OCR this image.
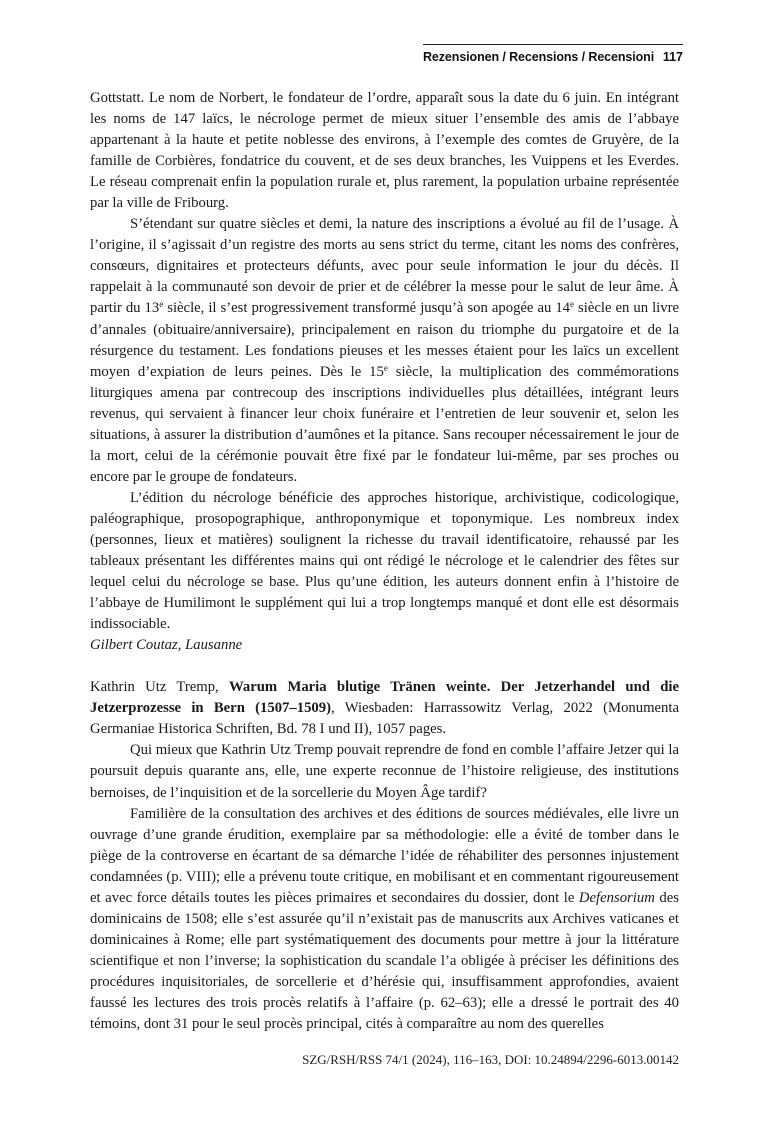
Rezensionen / Recensions / Recensioni 117

Gottstatt. Le nom de Norbert, le fondateur de l’ordre, apparaît sous la date du 6 juin. En intégrant les noms de 147 laïcs, le nécrologe permet de mieux situer l’ensemble des amis de l’abbaye appartenant à la haute et petite noblesse des environs, à l’exemple des comtes de Gruyère, de la famille de Corbières, fondatrice du couvent, et de ses deux branches, les Vuippens et les Everdes. Le réseau comprenait enfin la population rurale et, plus rarement, la population urbaine représentée par la ville de Fribourg.

S’étendant sur quatre siècles et demi, la nature des inscriptions a évolué au fil de l’usage. À l’origine, il s’agissait d’un registre des morts au sens strict du terme, citant les noms des confrères, consœurs, dignitaires et protecteurs défunts, avec pour seule information le jour du décès. Il rappelait à la communauté son devoir de prier et de célébrer la messe pour le salut de leur âme. À partir du 13e siècle, il s’est progressivement transformé jusqu’à son apogée au 14e siècle en un livre d’annales (obituaire/anniversaire), principalement en raison du triomphe du purgatoire et de la résurgence du testament. Les fondations pieuses et les messes étaient pour les laïcs un excellent moyen d’expiation de leurs peines. Dès le 15e siècle, la multiplication des commémorations liturgiques amena par contrecoup des inscriptions individuelles plus détaillées, intégrant leurs revenus, qui servaient à financer leur choix funéraire et l’entretien de leur souvenir et, selon les situations, à assurer la distribution d’aumônes et la pitance. Sans recouper nécessairement le jour de la mort, celui de la cérémonie pouvait être fixé par le fondateur lui-même, par ses proches ou encore par le groupe de fondateurs.

L’édition du nécrologe bénéficie des approches historique, archivistique, codicologique, paléographique, prosopographique, anthroponymique et toponymique. Les nombreux index (personnes, lieux et matières) soulignent la richesse du travail identificatoire, rehaussé par les tableaux présentant les différentes mains qui ont rédigé le nécrologe et le calendrier des fêtes sur lequel celui du nécrologe se base. Plus qu’une édition, les auteurs donnent enfin à l’histoire de l’abbaye de Humilimont le supplément qui lui a trop longtemps manqué et dont elle est désormais indissociable.

Gilbert Coutaz, Lausanne

Kathrin Utz Tremp, Warum Maria blutige Tränen weinte. Der Jetzerhandel und die Jetzerprozesse in Bern (1507–1509), Wiesbaden: Harrassowitz Verlag, 2022 (Monumenta Germaniae Historica Schriften, Bd. 78 I und II), 1057 pages.

Qui mieux que Kathrin Utz Tremp pouvait reprendre de fond en comble l’affaire Jetzer qui la poursuit depuis quarante ans, elle, une experte reconnue de l’histoire religieuse, des institutions bernoises, de l’inquisition et de la sorcellerie du Moyen Âge tardif?

Familière de la consultation des archives et des éditions de sources médiévales, elle livre un ouvrage d’une grande érudition, exemplaire par sa méthodologie: elle a évité de tomber dans le piège de la controverse en écartant de sa démarche l’idée de réhabiliter des personnes injustement condamnées (p. VIII); elle a prévenu toute critique, en mobilisant et en commentant rigoureusement et avec force détails toutes les pièces primaires et secondaires du dossier, dont le Defensorium des dominicains de 1508; elle s’est assurée qu’il n’existait pas de manuscrits aux Archives vaticanes et dominicaines à Rome; elle part systématiquement des documents pour mettre à jour la littérature scientifique et non l’inverse; la sophistication du scandale l’a obligée à préciser les définitions des procédures inquisitoriales, de sorcellerie et d’hérésie qui, insuffisamment approfondies, avaient faussé les lectures des trois procès relatifs à l’affaire (p. 62–63); elle a dressé le portrait des 40 témoins, dont 31 pour le seul procès principal, cités à comparaître au nom des querelles

SZG/RSH/RSS 74/1 (2024), 116–163, DOI: 10.24894/2296-6013.00142
